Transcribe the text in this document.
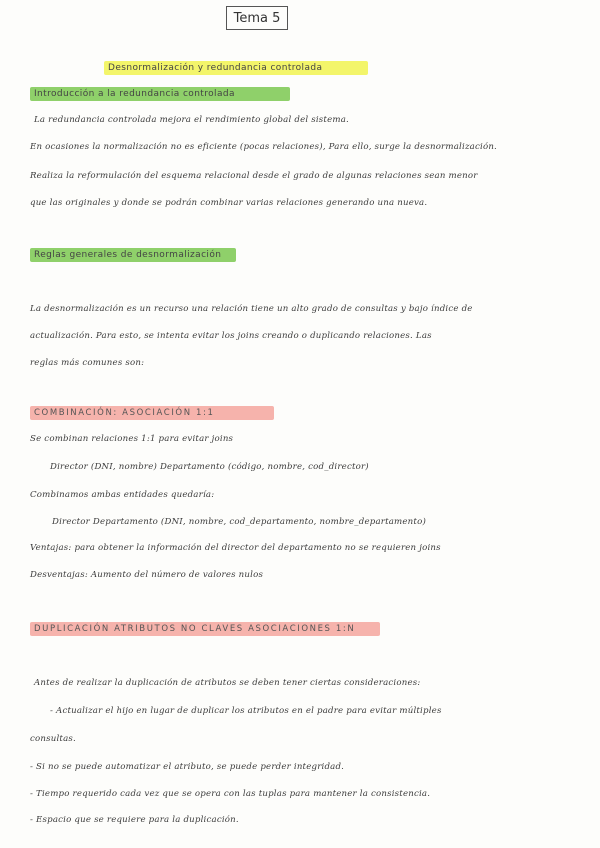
Tema 5
Desnormalización y redundancia controlada
Introducción a la redundancia controlada
La redundancia controlada mejora el rendimiento global del sistema.
En ocasiones la normalización no es eficiente (pocas relaciones), Para ello, surge la desnormalización.
Realiza la reformulación del esquema relacional desde el grado de algunas relaciones sean menor
que las originales y donde se podrán combinar varias relaciones generando una nueva.
Reglas generales de desnormalización
La desnormalización es un recurso una relación tiene un alto grado de consultas y bajo índice de
actualización. Para esto, se intenta evitar los joins creando o duplicando relaciones. Las
reglas más comunes son:
COMBINACIÓN: ASOCIACIÓN 1:1
Se combinan relaciones 1:1 para evitar joins
Director (DNI, nombre) Departamento (código, nombre, cod_director)
Combinamos ambas entidades quedaría:
Director Departamento (DNI, nombre, cod_departamento, nombre_departamento)
Ventajas: para obtener la información del director del departamento no se requieren joins
Desventajas: Aumento del número de valores nulos
DUPLICACIÓN ATRIBUTOS NO CLAVES ASOCIACIONES 1:N
Antes de realizar la duplicación de atributos se deben tener ciertas consideraciones:
- Actualizar el hijo en lugar de duplicar los atributos en el padre para evitar múltiples
consultas.
- Si no se puede automatizar el atributo, se puede perder integridad.
- Tiempo requerido cada vez que se opera con las tuplas para mantener la consistencia.
- Espacio que se requiere para la duplicación.
